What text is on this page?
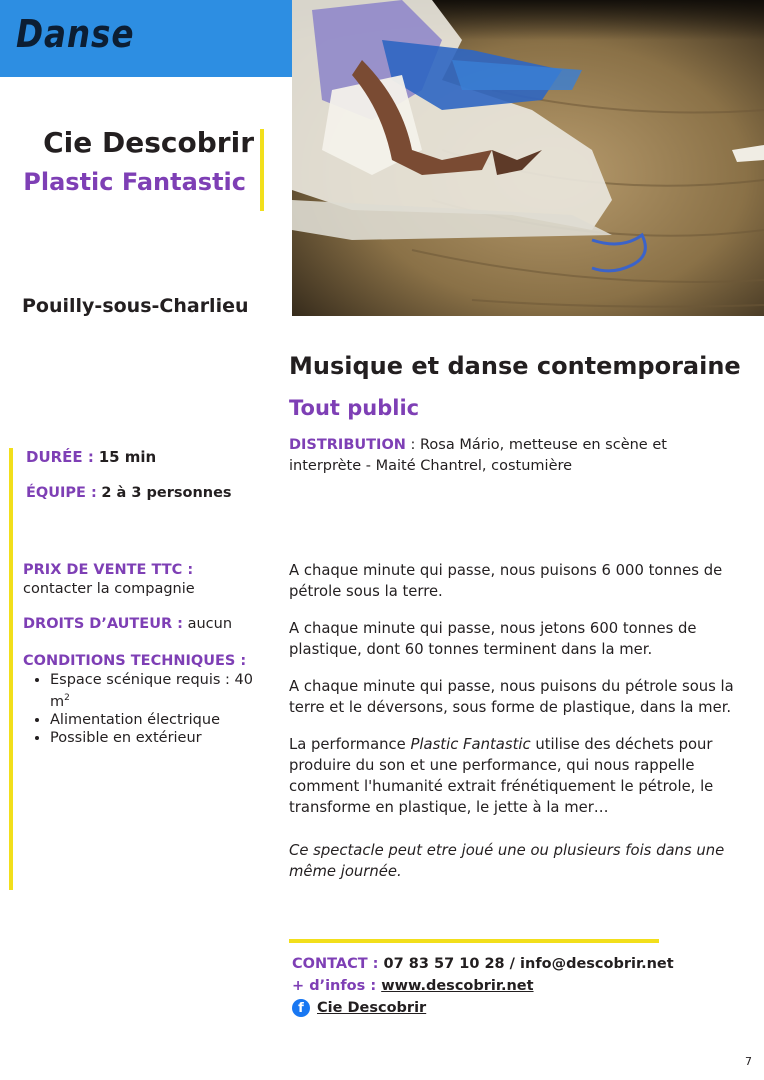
Danse
Cie Descobrir
Plastic Fantastic
Pouilly-sous-Charlieu
Musique et danse contemporaine
Tout public
DISTRIBUTION : Rosa Mário, metteuse en scène et interprète - Maité Chantrel, costumière
DURÉE : 15 min
ÉQUIPE : 2 à 3 personnes
PRIX DE VENTE TTC :
contacter la compagnie
DROITS D’AUTEUR : aucun
CONDITIONS TECHNIQUES :
• Espace scénique requis : 40 $m^2$
• Alimentation électrique
• Possible en extérieur

A chaque minute qui passe, nous puisons 6 000 tonnes de pétrole sous la terre.

A chaque minute qui passe, nous jetons 600 tonnes de plastique, dont 60 tonnes terminent dans la mer.

A chaque minute qui passe, nous puisons du pétrole sous la terre et le déversons, sous forme de plastique, dans la mer.

La performance Plastic Fantastic utilise des déchets pour produire du son et une performance, qui nous rappelle comment l'humanité extrait frénétiquement le pétrole, le transforme en plastique, le jette à la mer…

Ce spectacle peut etre joué une ou plusieurs fois dans une même journée.

CONTACT : 07 83 57 10 28 / info@descobrir.net
+ d’infos : www.descobrir.net
f Cie Descobrir
7
